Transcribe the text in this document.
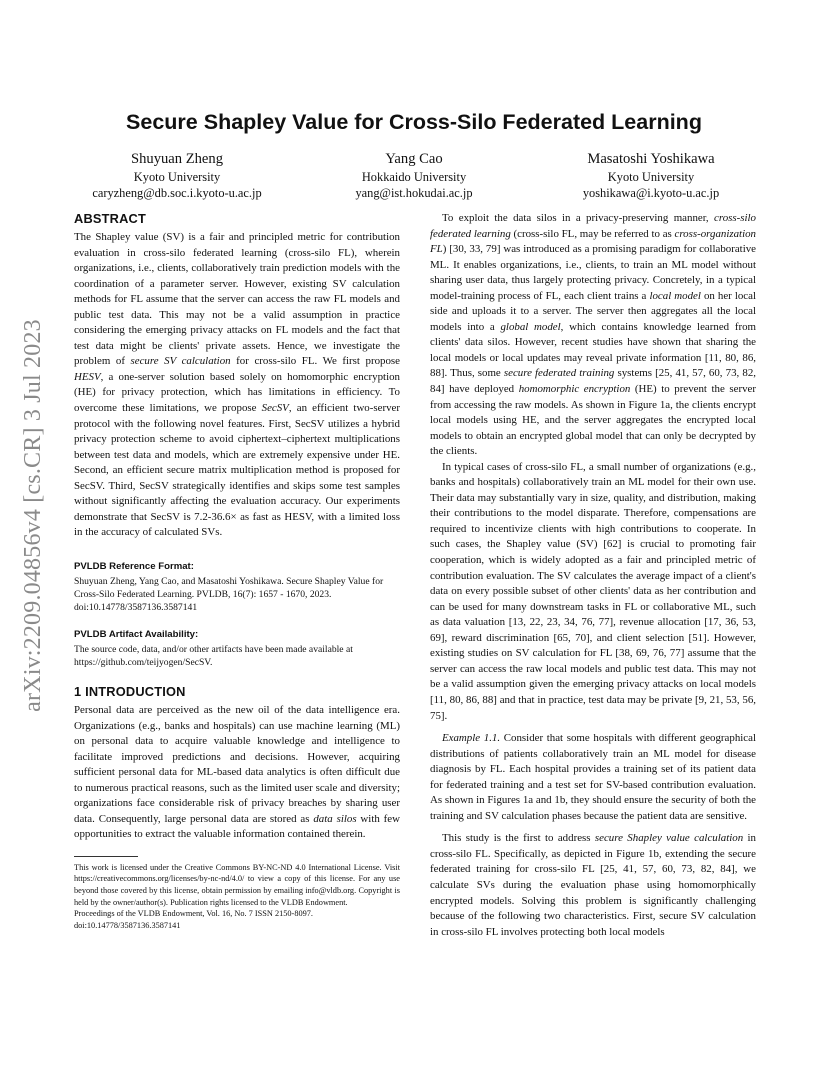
arXiv:2209.04856v4 [cs.CR] 3 Jul 2023
Secure Shapley Value for Cross-Silo Federated Learning
Shuyuan Zheng
Kyoto University
caryzheng@db.soc.i.kyoto-u.ac.jp
Yang Cao
Hokkaido University
yang@ist.hokudai.ac.jp
Masatoshi Yoshikawa
Kyoto University
yoshikawa@i.kyoto-u.ac.jp
ABSTRACT

The Shapley value (SV) is a fair and principled metric for contribution evaluation in cross-silo federated learning (cross-silo FL), wherein organizations, i.e., clients, collaboratively train prediction models with the coordination of a parameter server. However, existing SV calculation methods for FL assume that the server can access the raw FL models and public test data. This may not be a valid assumption in practice considering the emerging privacy attacks on FL models and the fact that test data might be clients' private assets. Hence, we investigate the problem of secure SV calculation for cross-silo FL. We first propose HESV, a one-server solution based solely on homomorphic encryption (HE) for privacy protection, which has limitations in efficiency. To overcome these limitations, we propose SecSV, an efficient two-server protocol with the following novel features. First, SecSV utilizes a hybrid privacy protection scheme to avoid ciphertext–ciphertext multiplications between test data and models, which are extremely expensive under HE. Second, an efficient secure matrix multiplication method is proposed for SecSV. Third, SecSV strategically identifies and skips some test samples without significantly affecting the evaluation accuracy. Our experiments demonstrate that SecSV is 7.2-36.6× as fast as HESV, with a limited loss in the accuracy of calculated SVs.

PVLDB Reference Format:

Shuyuan Zheng, Yang Cao, and Masatoshi Yoshikawa. Secure Shapley Value for Cross-Silo Federated Learning. PVLDB, 16(7): 1657 - 1670, 2023.
doi:10.14778/3587136.3587141

PVLDB Artifact Availability:

The source code, data, and/or other artifacts have been made available at https://github.com/teijyogen/SecSV.

1 INTRODUCTION

Personal data are perceived as the new oil of the data intelligence era. Organizations (e.g., banks and hospitals) can use machine learning (ML) on personal data to acquire valuable knowledge and intelligence to facilitate improved predictions and decisions. However, acquiring sufficient personal data for ML-based data analytics is often difficult due to numerous practical reasons, such as the limited user scale and diversity; organizations face considerable risk of privacy breaches by sharing user data. Consequently, large personal data are stored as data silos with few opportunities to extract the valuable information contained therein.

This work is licensed under the Creative Commons BY-NC-ND 4.0 International License. Visit https://creativecommons.org/licenses/by-nc-nd/4.0/ to view a copy of this license. For any use beyond those covered by this license, obtain permission by emailing info@vldb.org. Copyright is held by the owner/author(s). Publication rights licensed to the VLDB Endowment.

Proceedings of the VLDB Endowment, Vol. 16, No. 7 ISSN 2150-8097.

doi:10.14778/3587136.3587141

To exploit the data silos in a privacy-preserving manner, cross-silo federated learning (cross-silo FL, may be referred to as cross-organization FL) [30, 33, 79] was introduced as a promising paradigm for collaborative ML. It enables organizations, i.e., clients, to train an ML model without sharing user data, thus largely protecting privacy. Concretely, in a typical model-training process of FL, each client trains a local model on her local side and uploads it to a server. The server then aggregates all the local models into a global model, which contains knowledge learned from clients' data silos. However, recent studies have shown that sharing the local models or local updates may reveal private information [11, 80, 86, 88]. Thus, some secure federated training systems [25, 41, 57, 60, 73, 82, 84] have deployed homomorphic encryption (HE) to prevent the server from accessing the raw models. As shown in Figure 1a, the clients encrypt local models using HE, and the server aggregates the encrypted local models to obtain an encrypted global model that can only be decrypted by the clients.

In typical cases of cross-silo FL, a small number of organizations (e.g., banks and hospitals) collaboratively train an ML model for their own use. Their data may substantially vary in size, quality, and distribution, making their contributions to the model disparate. Therefore, compensations are required to incentivize clients with high contributions to cooperate. In such cases, the Shapley value (SV) [62] is crucial to promoting fair cooperation, which is widely adopted as a fair and principled metric of contribution evaluation. The SV calculates the average impact of a client's data on every possible subset of other clients' data as her contribution and can be used for many downstream tasks in FL or collaborative ML, such as data valuation [13, 22, 23, 34, 76, 77], revenue allocation [17, 36, 53, 69], reward discrimination [65, 70], and client selection [51]. However, existing studies on SV calculation for FL [38, 69, 76, 77] assume that the server can access the raw local models and public test data. This may not be a valid assumption given the emerging privacy attacks on local models [11, 80, 86, 88] and that in practice, test data may be private [9, 21, 53, 56, 75].

Example 1.1. Consider that some hospitals with different geographical distributions of patients collaboratively train an ML model for disease diagnosis by FL. Each hospital provides a training set of its patient data for federated training and a test set for SV-based contribution evaluation. As shown in Figures 1a and 1b, they should ensure the security of both the training and SV calculation phases because the patient data are sensitive.

This study is the first to address secure Shapley value calculation in cross-silo FL. Specifically, as depicted in Figure 1b, extending the secure federated training for cross-silo FL [25, 41, 57, 60, 73, 82, 84], we calculate SVs during the evaluation phase using homomorphically encrypted models. Solving this problem is significantly challenging because of the following two characteristics. First, secure SV calculation in cross-silo FL involves protecting both local models
